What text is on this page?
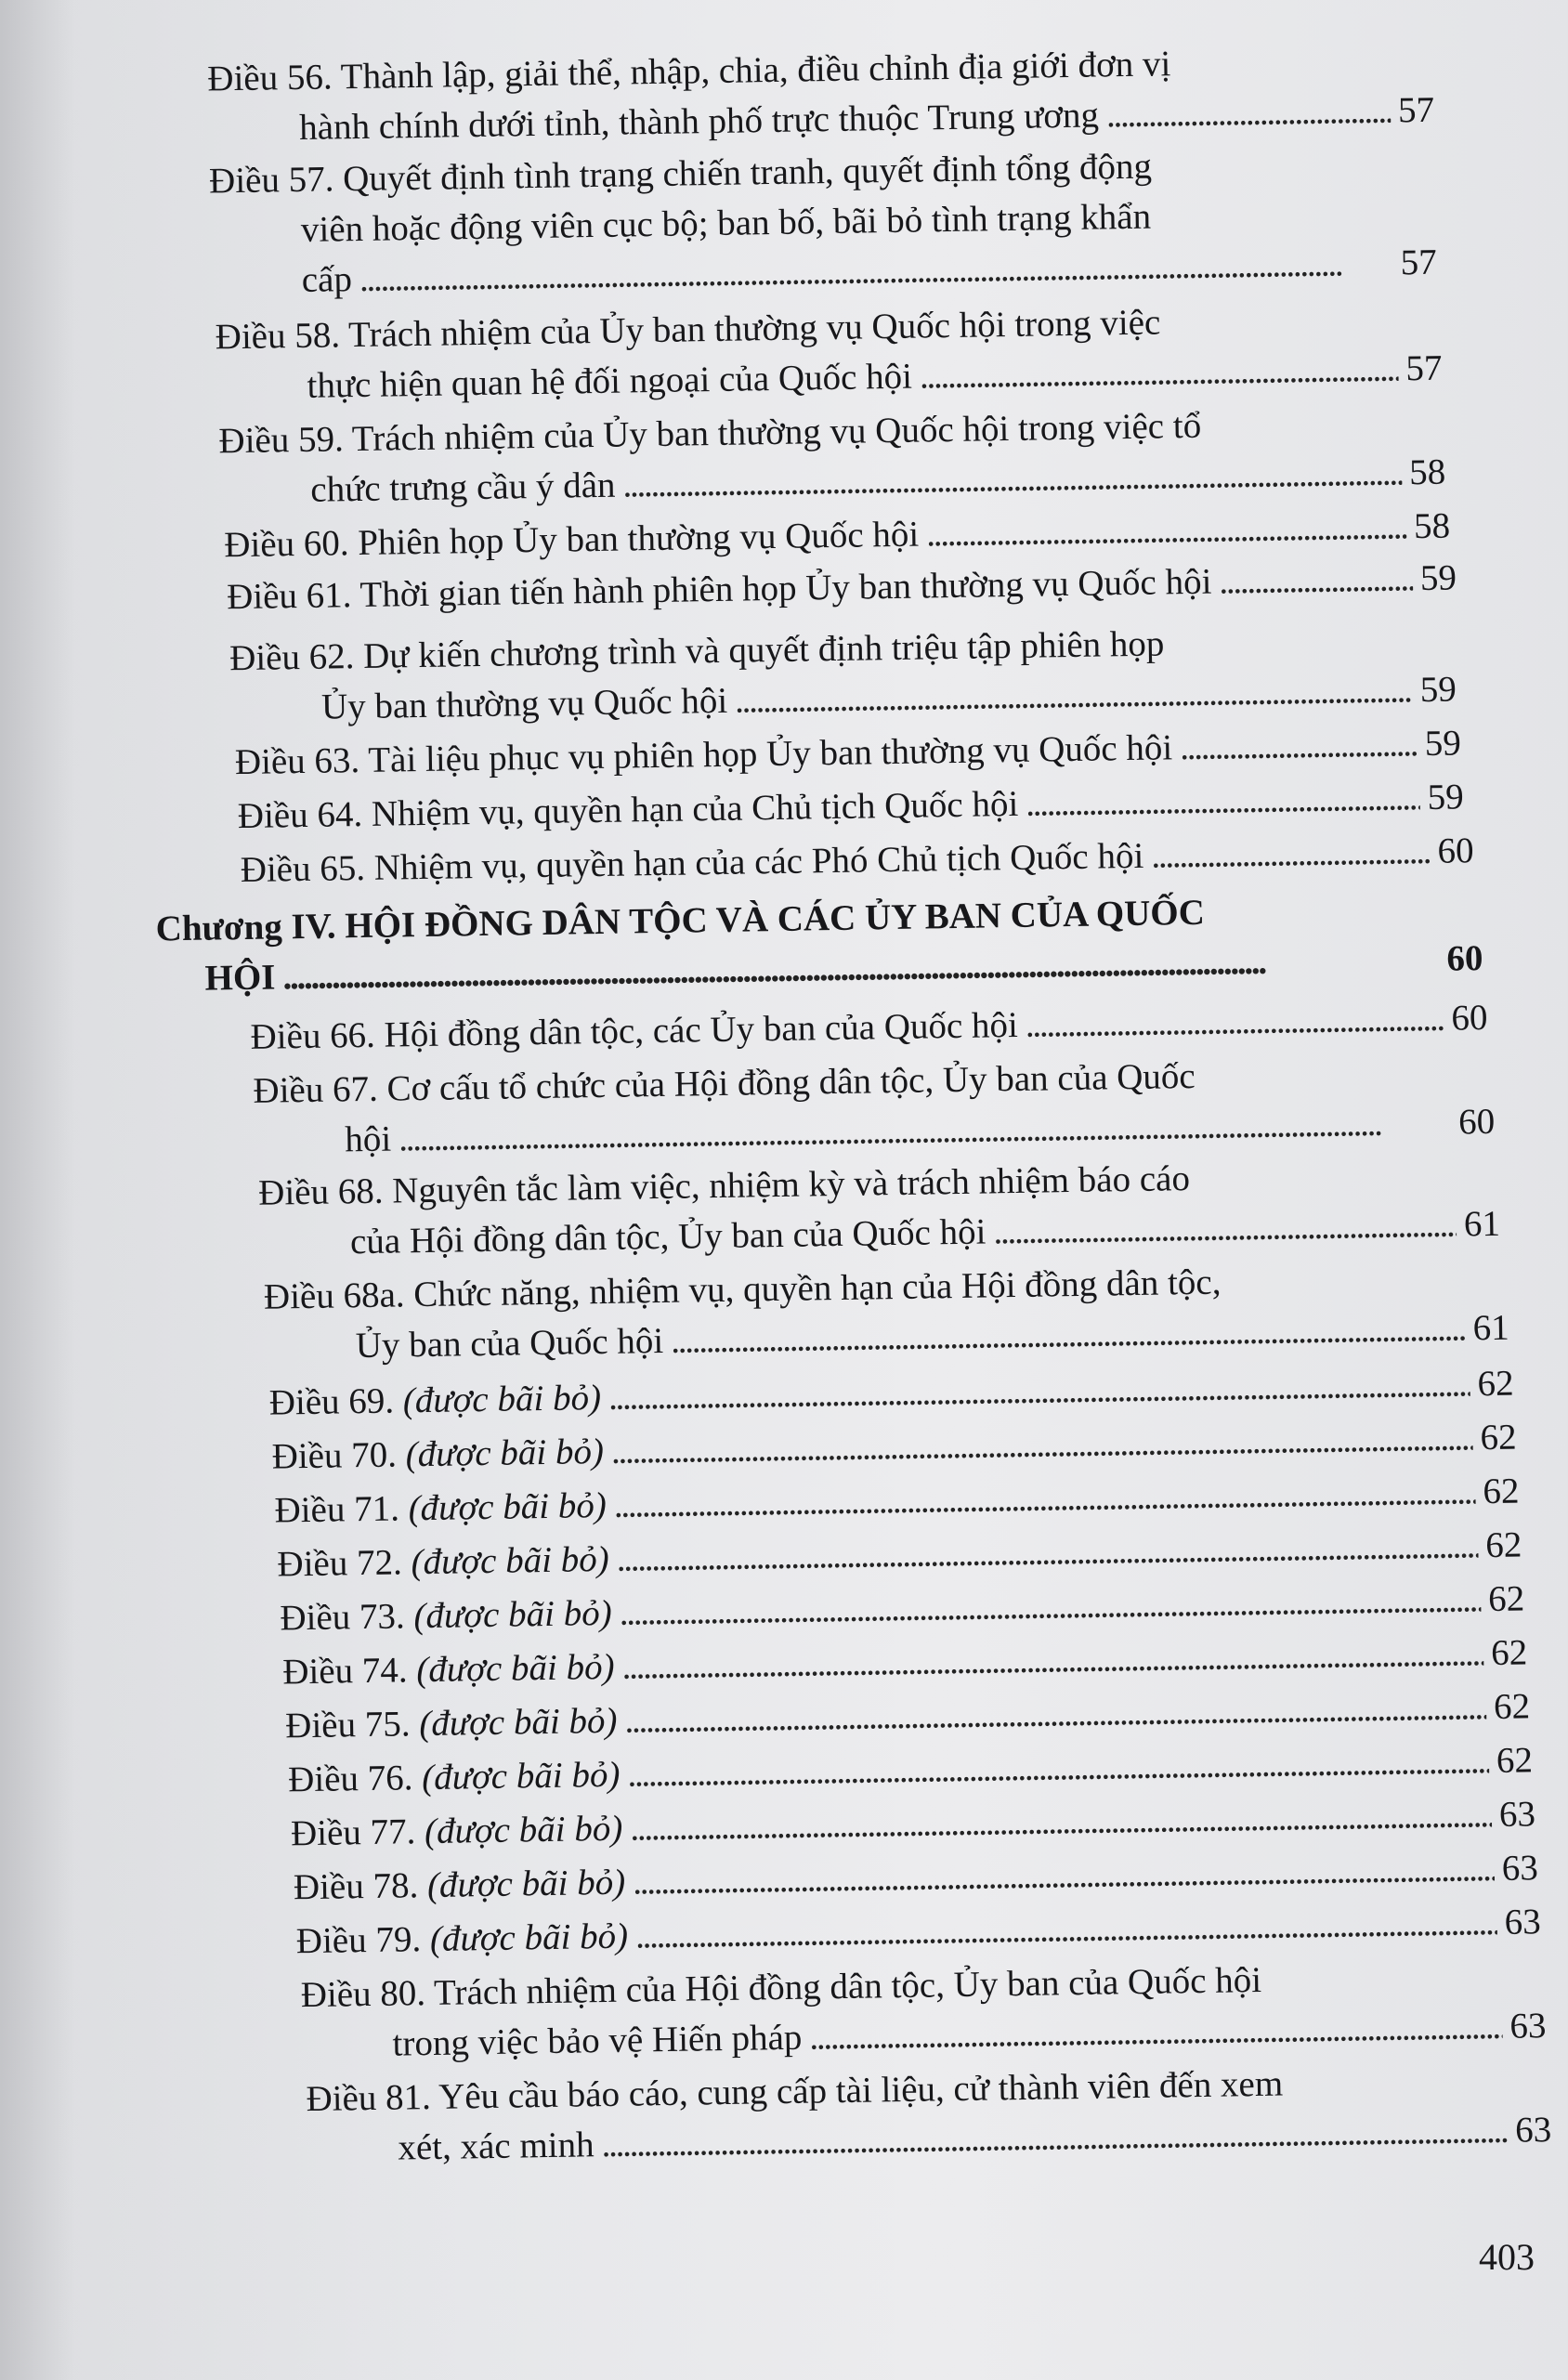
Điều 56. Thành lập, giải thể, nhập, chia, điều chỉnh địa giới đơn vị
hành chính dưới tỉnh, thành phố trực thuộc Trung ương . . .	57
Điều 57. Quyết định tình trạng chiến tranh, quyết định tổng động
viên hoặc động viên cục bộ; ban bố, bãi bỏ tình trạng khẩn
cấp . . .	57
Điều 58. Trách nhiệm của Ủy ban thường vụ Quốc hội trong việc
thực hiện quan hệ đối ngoại của Quốc hội . . .	57
Điều 59. Trách nhiệm của Ủy ban thường vụ Quốc hội trong việc tổ
chức trưng cầu ý dân . . .	58
Điều 60. Phiên họp Ủy ban thường vụ Quốc hội . . .	58
Điều 61. Thời gian tiến hành phiên họp Ủy ban thường vụ Quốc hội . . .	59
Điều 62. Dự kiến chương trình và quyết định triệu tập phiên họp
Ủy ban thường vụ Quốc hội . . .	59
Điều 63. Tài liệu phục vụ phiên họp Ủy ban thường vụ Quốc hội . . .	59
Điều 64. Nhiệm vụ, quyền hạn của Chủ tịch Quốc hội . . .	59
Điều 65. Nhiệm vụ, quyền hạn của các Phó Chủ tịch Quốc hội . . .	60
Chương IV. HỘI ĐỒNG DÂN TỘC VÀ CÁC ỦY BAN CỦA QUỐC
HỘI . . .	60
Điều 66. Hội đồng dân tộc, các Ủy ban của Quốc hội . . .	60
Điều 67. Cơ cấu tổ chức của Hội đồng dân tộc, Ủy ban của Quốc
hội . . .	60
Điều 68. Nguyên tắc làm việc, nhiệm kỳ và trách nhiệm báo cáo
của Hội đồng dân tộc, Ủy ban của Quốc hội . . .	61
Điều 68a. Chức năng, nhiệm vụ, quyền hạn của Hội đồng dân tộc,
Ủy ban của Quốc hội . . .	61
Điều 69.
(được bãi bỏ) . . .	62
Điều 70.
(được bãi bỏ) . . .	62
Điều 71.
(được bãi bỏ) . . .	62
Điều 72.
(được bãi bỏ) . . .	62
Điều 73.
(được bãi bỏ) . . .	62
Điều 74.
(được bãi bỏ) . . .	62
Điều 75.
(được bãi bỏ) . . .	62
Điều 76.
(được bãi bỏ) . . .	62
Điều 77.
(được bãi bỏ) . . .	63
Điều 78.
(được bãi bỏ) . . .	63
Điều 79.
(được bãi bỏ) . . .	63
Điều 80. Trách nhiệm của Hội đồng dân tộc, Ủy ban của Quốc hội
trong việc bảo vệ Hiến pháp . . .	63
Điều 81. Yêu cầu báo cáo, cung cấp tài liệu, cử thành viên đến xem
xét, xác minh . . .	63
403
